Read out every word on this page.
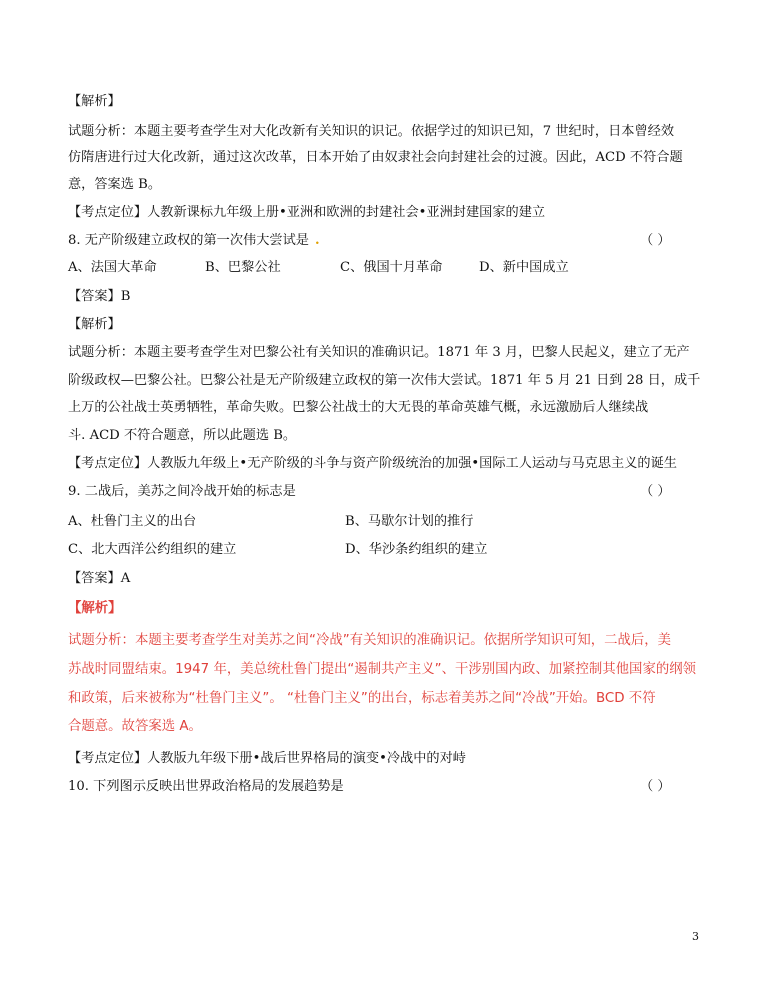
【解析】
试题分析：本题主要考查学生对大化改新有关知识的识记。依据学过的知识已知，7 世纪时，日本曾经效
仿隋唐进行过大化改新，通过这次改革，日本开始了由奴隶社会向封建社会的过渡。因此，ACD 不符合题
意，答案选 B。
【考点定位】人教新课标九年级上册•亚洲和欧洲的封建社会•亚洲封建国家的建立
8. 无产阶级建立政权的第一次伟大尝试是 .	（ ）
A、法国大革命	B、巴黎公社	C、俄国十月革命	D、新中国成立
【答案】B
【解析】
试题分析：本题主要考查学生对巴黎公社有关知识的准确识记。1871 年 3 月，巴黎人民起义，建立了无产
阶级政权—巴黎公社。巴黎公社是无产阶级建立政权的第一次伟大尝试。1871 年 5 月 21 日到 28 日，成千
上万的公社战士英勇牺牲，革命失败。巴黎公社战士的大无畏的革命英雄气概，永远激励后人继续战
斗. ACD 不符合题意，所以此题选 B。
【考点定位】人教版九年级上•无产阶级的斗争与资产阶级统治的加强•国际工人运动与马克思主义的诞生
9. 二战后，美苏之间冷战开始的标志是	（ ）
A、杜鲁门主义的出台	B、马歇尔计划的推行
C、北大西洋公约组织的建立	D、华沙条约组织的建立
【答案】A
【解析】
试题分析：本题主要考查学生对美苏之间“冷战”有关知识的准确识记。依据所学知识可知，二战后，美
苏战时同盟结束。1947 年，美总统杜鲁门提出“遏制共产主义”、干涉别国内政、加紧控制其他国家的纲领
和政策，后来被称为“杜鲁门主义”。 “杜鲁门主义”的出台，标志着美苏之间“冷战”开始。BCD 不符
合题意。故答案选 A。
【考点定位】人教版九年级下册•战后世界格局的演变•冷战中的对峙
10. 下列图示反映出世界政治格局的发展趋势是	（ ）
3
